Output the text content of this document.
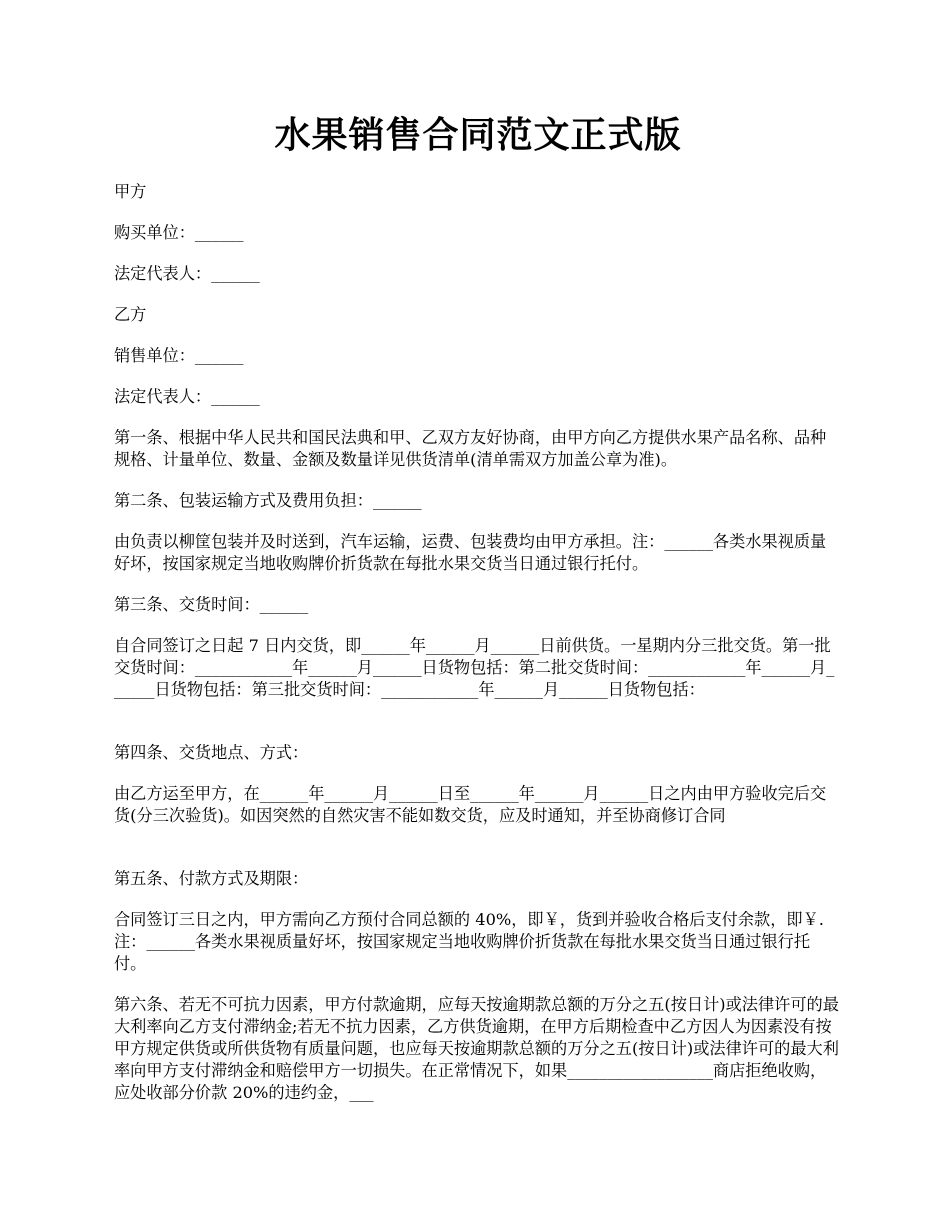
水果销售合同范文正式版

甲方

购买单位：______

法定代表人：______

乙方

销售单位：______

法定代表人：______

第一条、根据中华人民共和国民法典和甲、乙双方友好协商，由甲方向乙方提供水果产品名称、品种规格、计量单位、数量、金额及数量详见供货清单(清单需双方加盖公章为准)。

第二条、包装运输方式及费用负担：______

由负责以柳筐包装并及时送到，汽车运输，运费、包装费均由甲方承担。注：______各类水果视质量好坏，按国家规定当地收购牌价折货款在每批水果交货当日通过银行托付。

第三条、交货时间：______

自合同签订之日起 7 日内交货，即______年______月______日前供货。一星期内分三批交货。第一批交货时间：____________年______月______日货物包括：第二批交货时间：____________年______月______日货物包括：第三批交货时间：____________年______月______日货物包括：

第四条、交货地点、方式：

由乙方运至甲方，在______年______月______日至______年______月______日之内由甲方验收完后交货(分三次验货)。如因突然的自然灾害不能如数交货，应及时通知，并至协商修订合同

第五条、付款方式及期限：

合同签订三日之内，甲方需向乙方预付合同总额的 40%，即￥，货到并验收合格后支付余款，即￥.注：______各类水果视质量好坏，按国家规定当地收购牌价折货款在每批水果交货当日通过银行托付。

第六条、若无不可抗力因素，甲方付款逾期，应每天按逾期款总额的万分之五(按日计)或法律许可的最大利率向乙方支付滞纳金;若无不抗力因素，乙方供货逾期，在甲方后期检查中乙方因人为因素没有按甲方规定供货或所供货物有质量问题，也应每天按逾期款总额的万分之五(按日计)或法律许可的最大利率向甲方支付滞纳金和赔偿甲方一切损失。在正常情况下，如果__________________商店拒绝收购，应处收部分价款 20%的违约金，___
